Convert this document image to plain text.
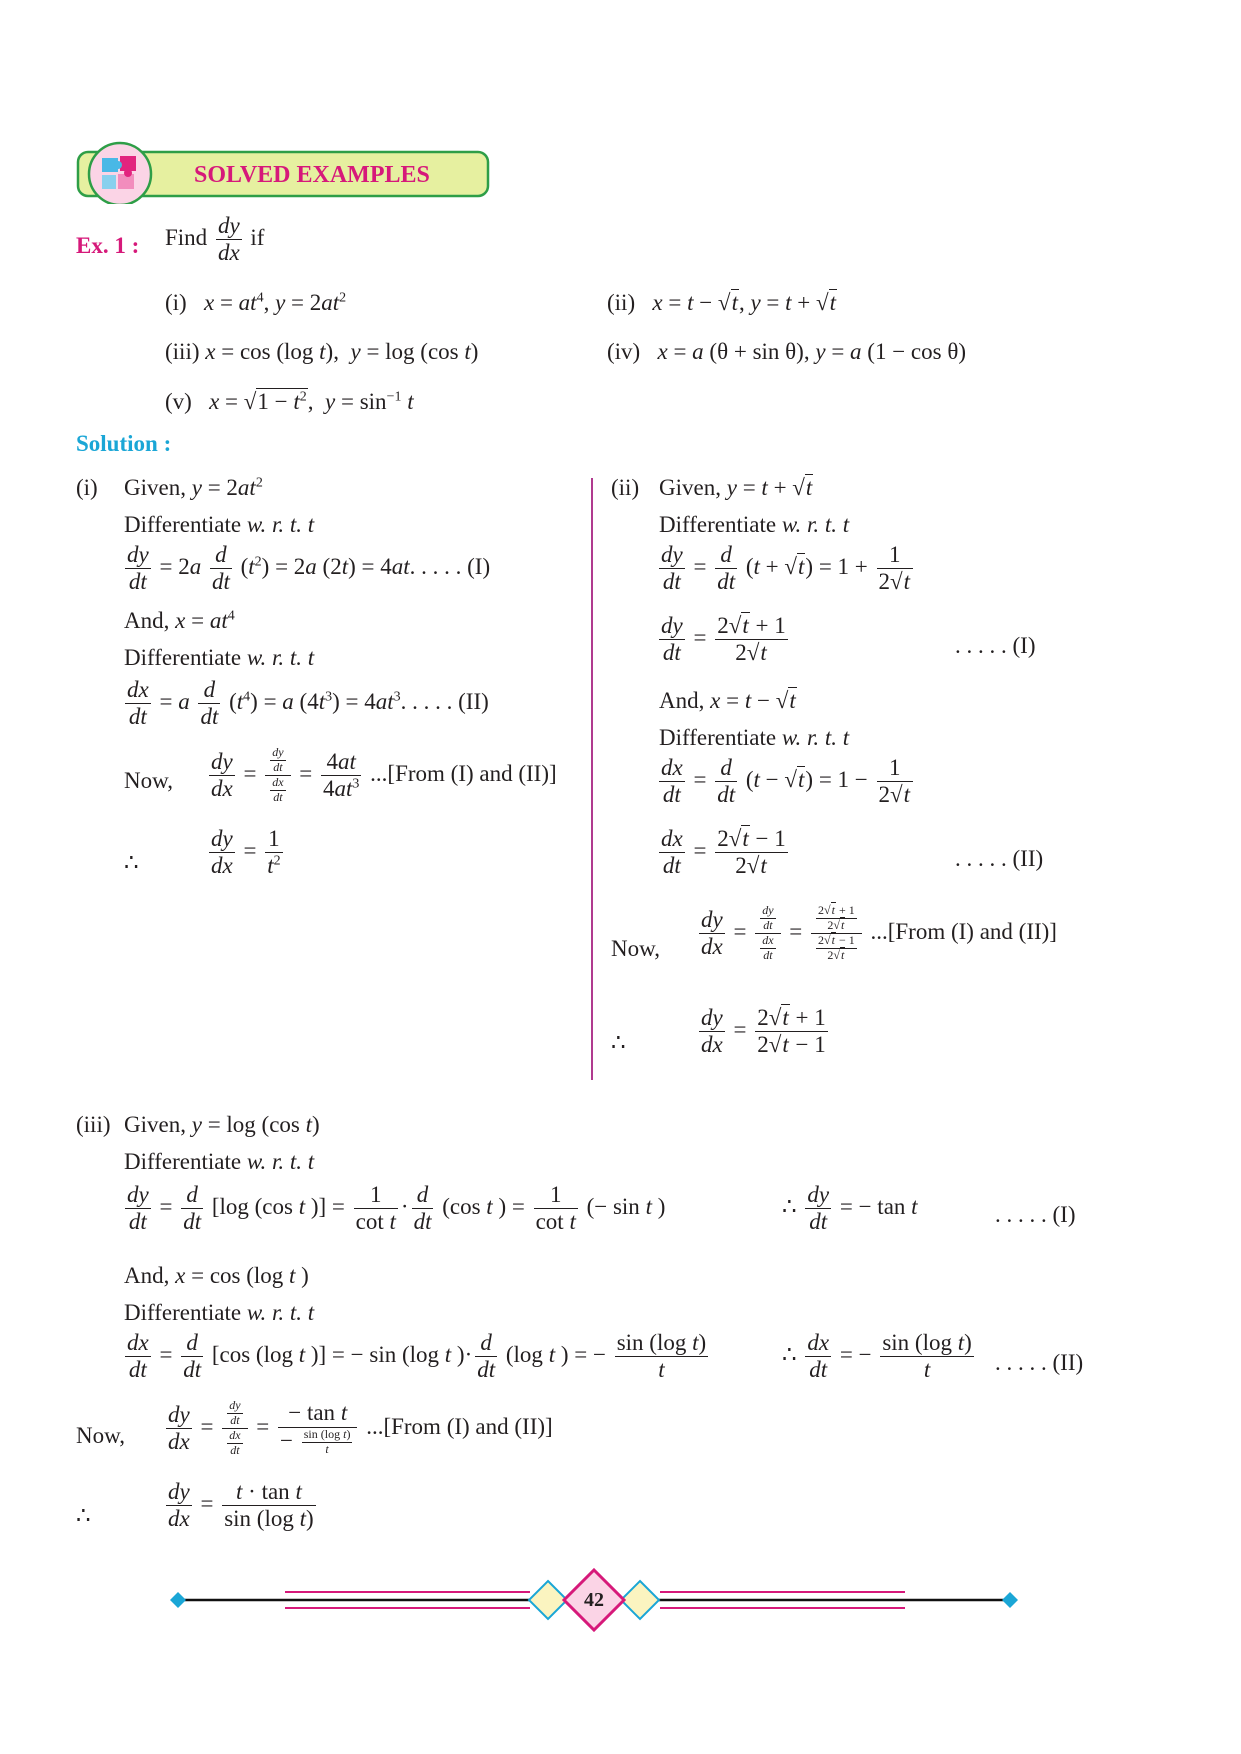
SOLVED EXAMPLES
Ex. 1 : Find $\frac{dy}{dx}$ if
(i) $x = at^4$, $y = 2at^2$	(ii) x = t − √t, y = t + √t
(iii) x = cos (log t),  y = log (cos t)	(iv) x = a (θ + sin θ), y = a (1 − cos θ)
(v) $x = √1 - t^2$,  $y = \sin^{-1} t$
Solution :
(i) Given, $y = 2at^2$
Differentiate w. r. t. t
$\frac{dy}{dt} = 2a \frac{d}{dt} (t^2) = 2a$ (2t) = 4at. . . . . (I)
And, $x = at^4$
Differentiate w. r. t. t
$\frac{dx}{dt} = a \frac{d}{dt} (t^4) = a$ $(4t^3) = 4at^3$. . . . . (II)
Now, $\frac{dy}{dx} = \frac{\frac{dy}{dt}}{\frac{dx}{dt}} = \frac{4at}{4at^3}$ ...[From (I) and (II)]
∴	$\frac{dy}{dx} = \frac{1}{t^2}$
(ii) Given, y = t + √t
Differentiate w. r. t. t
$\frac{dy}{dt} = \frac{d}{dt} (t + √t) = 1 + \frac{1}{2√t}$
$\frac{dy}{dt} = \frac{2√t + 1}{2√t}$	. . . . . (I)
And, x = t − √t
Differentiate w. r. t. t
$\frac{dx}{dt} = \frac{d}{dt} (t - √t) = 1 - \frac{1}{2√t}$
$\frac{dx}{dt} = \frac{2√t - 1}{2√t}$	. . . . . (II)
Now, $\frac{dy}{dx} = \frac{\frac{dy}{dt}}{\frac{dx}{dt}} = \frac{\frac{2√t + 1}{2√t}}{\frac{2√t - 1}{2√t}}$ ...[From (I) and (II)]
∴	$\frac{dy}{dx} = \frac{2√t + 1}{2√t - 1}$
(iii) Given, y = log (cos t)
Differentiate w. r. t. t
$\frac{dy}{dt} = \frac{d}{dt} [\log$ (cos t )] = $\frac{1}{\text{cot t}} \cdot \frac{d}{dt} (\cos$ t ) = $\frac{1}{\text{cot t}}$ (− sin t )	∴ $\frac{dy}{dt}$ = − tan t	. . . . . (I)
And, x = cos (log t )
Differentiate w. r. t. t
$\frac{dx}{dt} = \frac{d}{dt} [\cos$ (log t )] = − sin (log t )· $\frac{d}{dt} (\log$ t ) = − $\frac{\text{sin (log t)}}{t}$	∴ $\frac{dx}{dt}$ = − $\frac{\text{sin (log t)}}{t}$ . . . . . (II)
Now, $\frac{dy}{dx} = \frac{\frac{dy}{dt}}{\frac{dx}{dt}} = \frac{\text{− tan t}}{- \frac{\text{sin (log t)}}{t}}$ ...[From (I) and (II)]
∴	$\frac{dy}{dx} = \frac{\text{t · tan t}}{\text{sin (log t)}}$
42
